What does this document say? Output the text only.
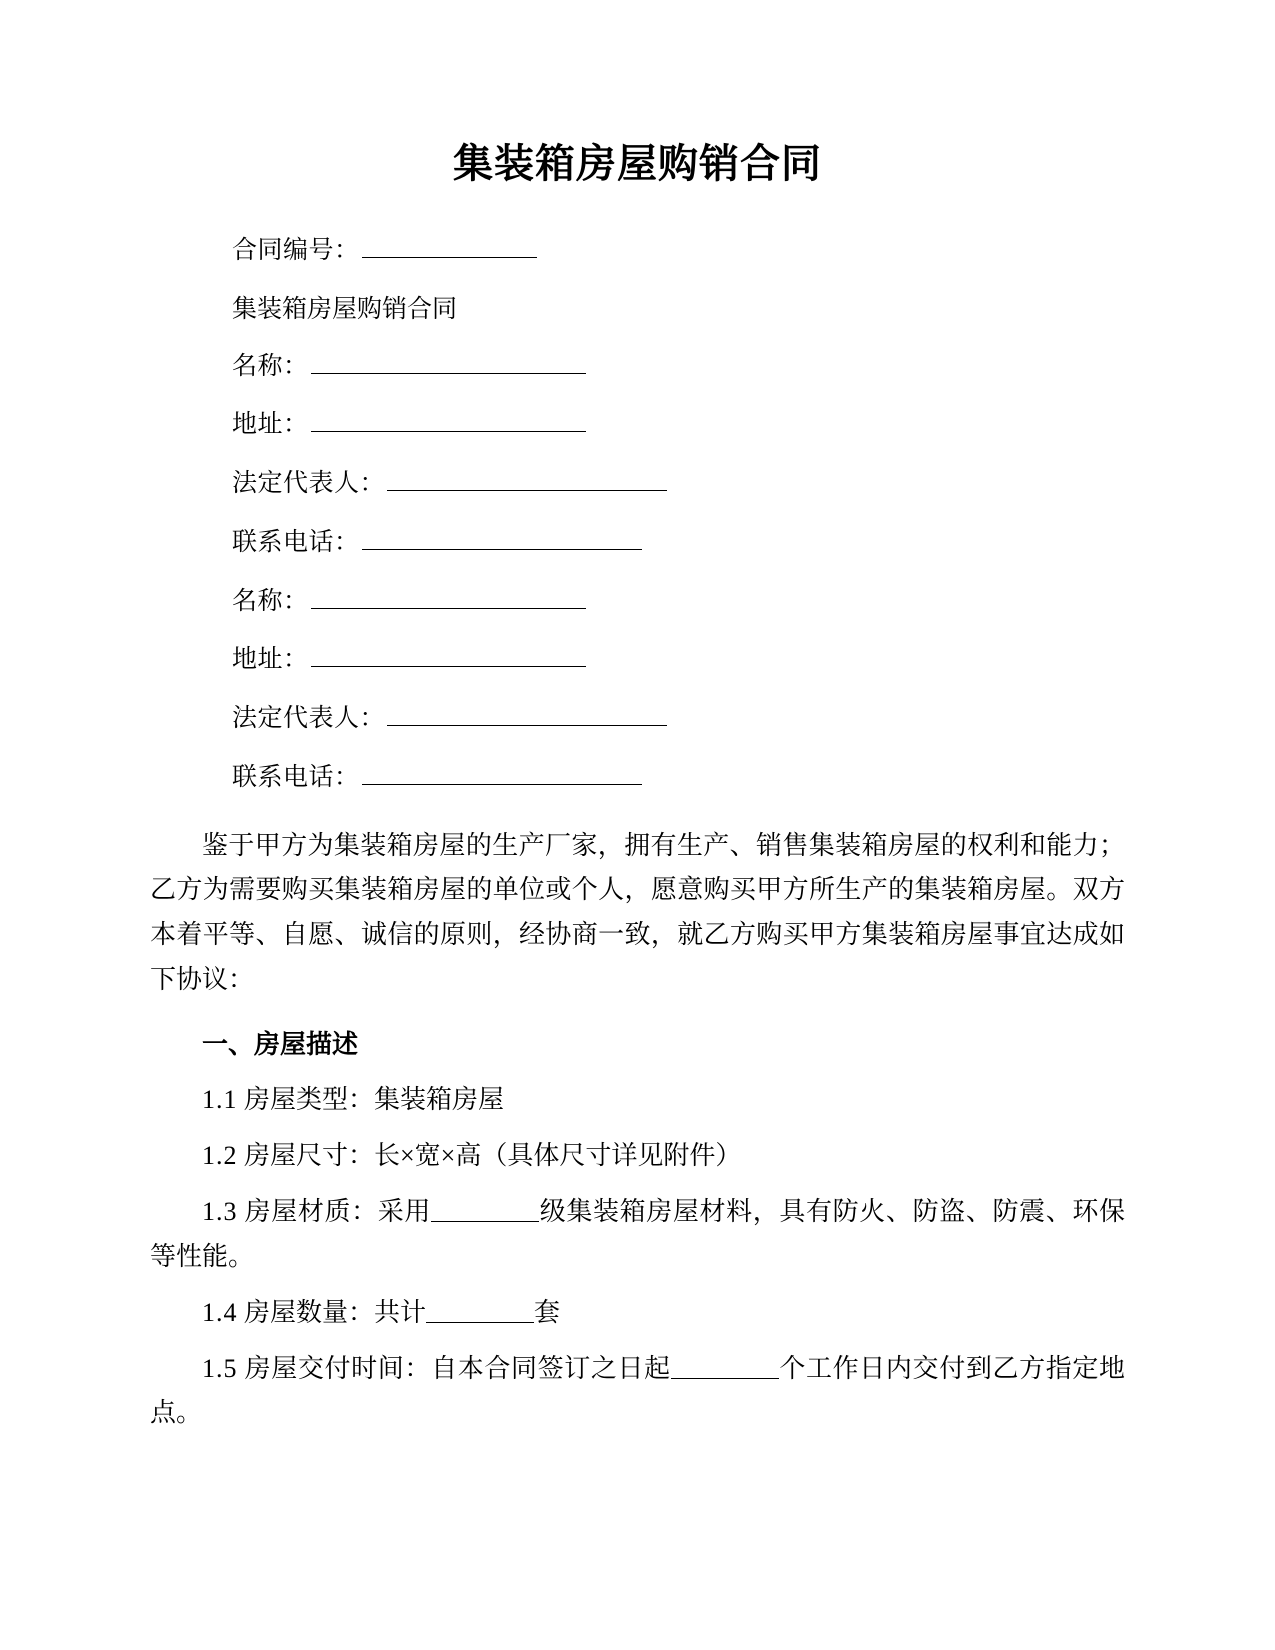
集装箱房屋购销合同
合同编号：
集装箱房屋购销合同
名称：
地址：
法定代表人：
联系电话：
名称：
地址：
法定代表人：
联系电话：

鉴于甲方为集装箱房屋的生产厂家，拥有生产、销售集装箱房屋的权利和能力；乙方为需要购买集装箱房屋的单位或个人，愿意购买甲方所生产的集装箱房屋。双方本着平等、自愿、诚信的原则，经协商一致，就乙方购买甲方集装箱房屋事宜达成如下协议：

一、房屋描述

1.1 房屋类型：集装箱房屋

1.2 房屋尺寸：长×宽×高（具体尺寸详见附件）

1.3 房屋材质：采用	级集装箱房屋材料，具有防火、防盗、防震、环保等性能。

1.4 房屋数量：共计	套

1.5 房屋交付时间：自本合同签订之日起	个工作日内交付到乙方指定地点。
